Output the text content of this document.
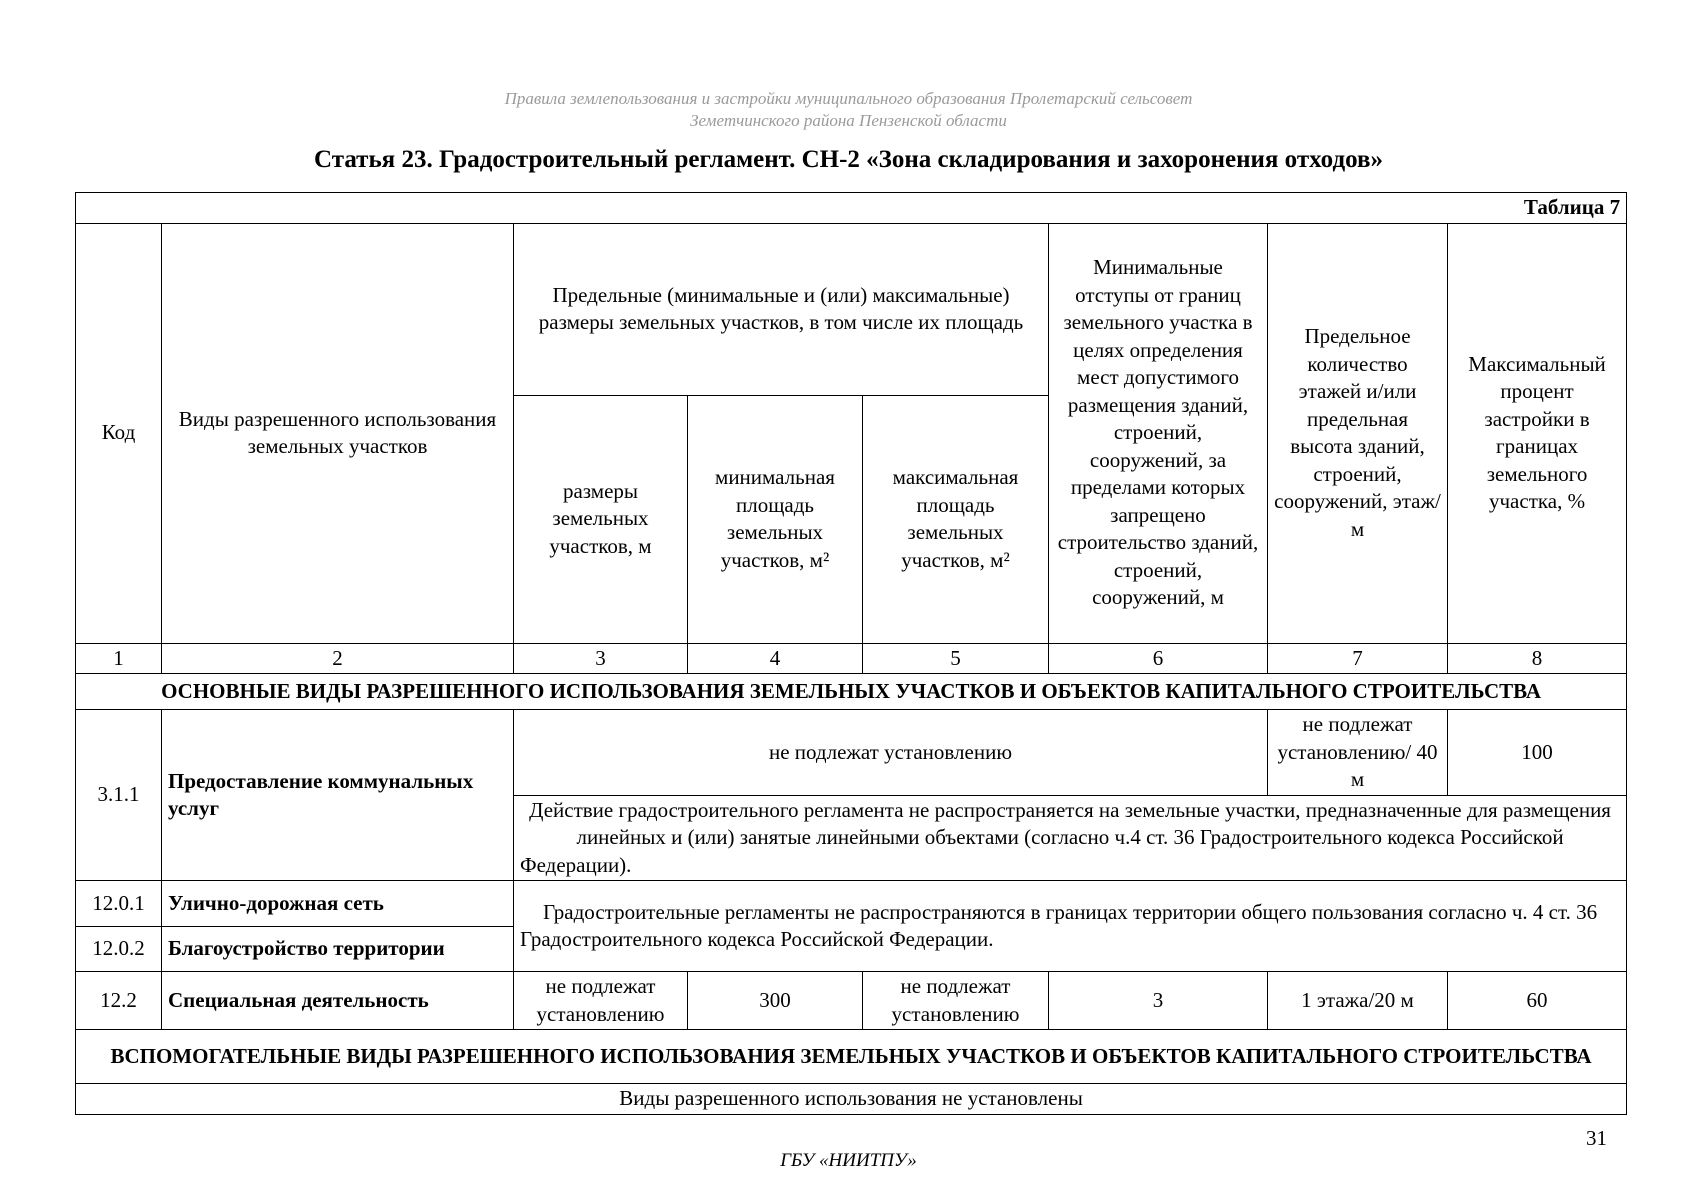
Правила землепользования и застройки муниципального образования Пролетарский сельсовет
Земетчинского района Пензенской области
Статья 23. Градостроительный регламент. СН-2 «Зона складирования и захоронения отходов»
Таблица 7							
Код	Виды разрешенного использования земельных участков	Предельные (минимальные и (или) максимальные) размеры земельных участков, в том числе их площадь			Минимальные отступы от границ земельного участка в целях определения мест допустимого размещения зданий, строений, сооружений, за пределами которых запрещено строительство зданий, строений, сооружений, м	Предельное количество этажей и/или предельная высота зданий, строений, сооружений, этаж/м	Максимальный процент застройки в границах земельного участка, %
		размеры земельных участков, м	минимальная площадь земельных участков, м²	максимальная площадь земельных участков, м²			
1	2	3	4	5	6	7	8
ОСНОВНЫЕ ВИДЫ РАЗРЕШЕННОГО ИСПОЛЬЗОВАНИЯ ЗЕМЕЛЬНЫХ УЧАСТКОВ И ОБЪЕКТОВ КАПИТАЛЬНОГО СТРОИТЕЛЬСТВА							
3.1.1	Предоставление коммунальных услуг	не подлежат установлению				не подлежат установлению/ 40 м	100
		Действие градостроительного регламента не распространяется на земельные участки, предназначенные для размещения линейных и (или) занятые линейными объектами (согласно ч.4 ст. 36 Градостроительного кодекса Российской Федерации).					
12.0.1	Улично-дорожная сеть	Градостроительные регламенты не распространяются в границах территории общего пользования согласно ч. 4 ст. 36 Градостроительного кодекса Российской Федерации.					
12.0.2	Благоустройство территории						
12.2	Специальная деятельность	не подлежат установлению	300	не подлежат установлению	3	1 этажа/20 м	60
ВСПОМОГАТЕЛЬНЫЕ ВИДЫ РАЗРЕШЕННОГО ИСПОЛЬЗОВАНИЯ ЗЕМЕЛЬНЫХ УЧАСТКОВ И ОБЪЕКТОВ КАПИТАЛЬНОГО СТРОИТЕЛЬСТВА							
Виды разрешенного использования не установлены							
31
ГБУ «НИИТПУ»
